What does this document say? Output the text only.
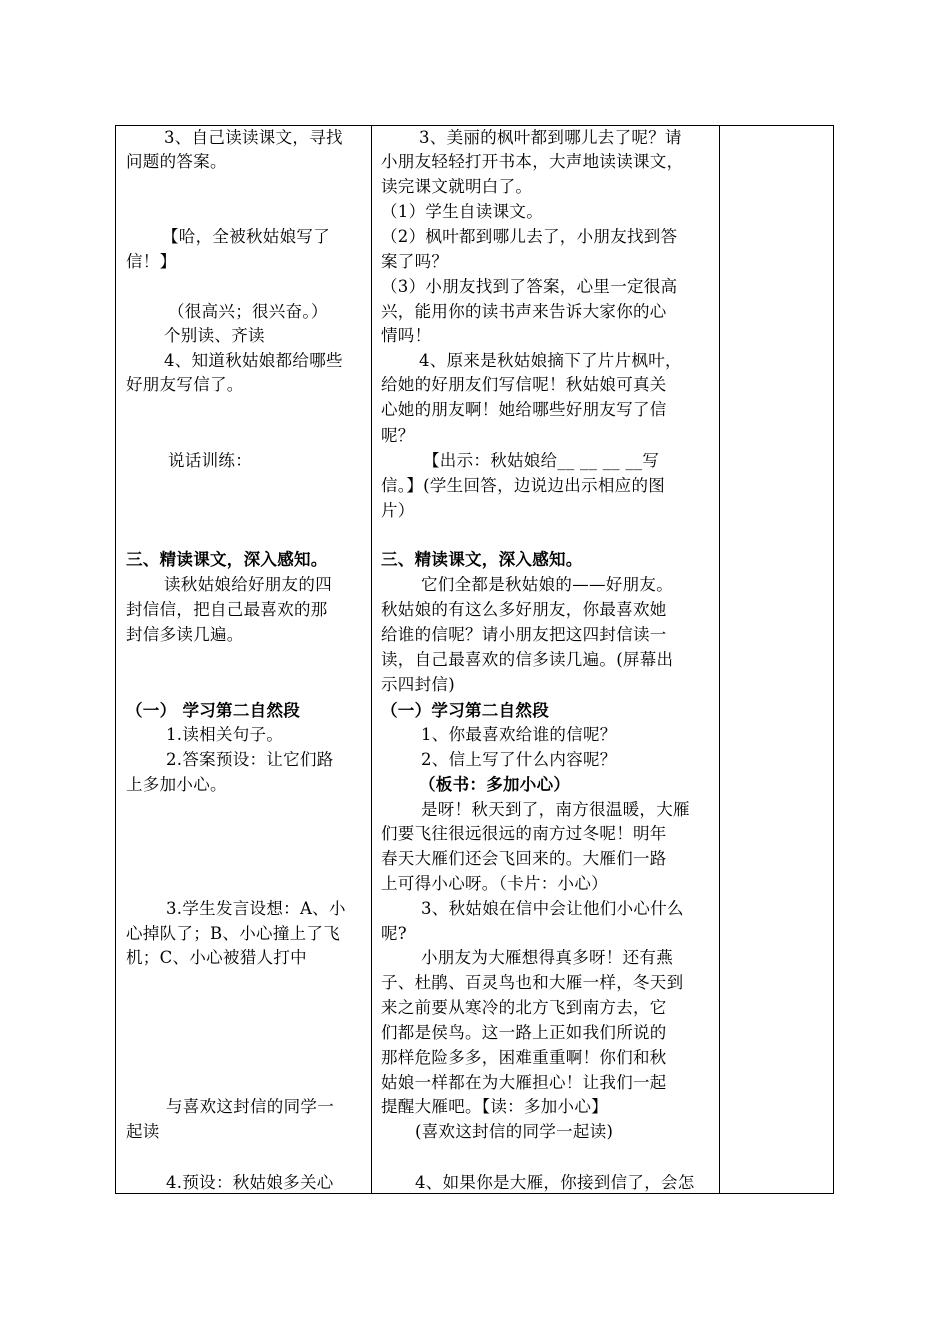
3、自己读读课文，寻找
问题的答案。
【哈，全被秋姑娘写了
信！】
（很高兴；很兴奋。）
个别读、齐读
4、知道秋姑娘都给哪些
好朋友写信了。
说话训练：
三、精读课文，深入感知。
读秋姑娘给好朋友的四
封信信，把自己最喜欢的那
封信多读几遍。
（一） 学习第二自然段
1.读相关句子。
2.答案预设：让它们路
上多加小心。
3.学生发言设想：A、小
心掉队了；B、小心撞上了飞
机；C、小心被猎人打中
与喜欢这封信的同学一
起读
4.预设：秋姑娘多关心
3、美丽的枫叶都到哪儿去了呢？请
小朋友轻轻打开书本，大声地读读课文，
读完课文就明白了。
（1）学生自读课文。
（2）枫叶都到哪儿去了，小朋友找到答
案了吗？
（3）小朋友找到了答案，心里一定很高
兴，能用你的读书声来告诉大家你的心
情吗！
4、原来是秋姑娘摘下了片片枫叶，
给她的好朋友们写信呢！秋姑娘可真关
心她的朋友啊！她给哪些好朋友写了信
呢？
【出示：秋姑娘给__ __ __ __写
信。】(学生回答，边说边出示相应的图
片）
三、精读课文，深入感知。
它们全都是秋姑娘的——好朋友。
秋姑娘的有这么多好朋友，你最喜欢她
给谁的信呢？请小朋友把这四封信读一
读，自己最喜欢的信多读几遍。(屏幕出
示四封信)
（一）学习第二自然段
1、你最喜欢给谁的信呢？
2、信上写了什么内容呢？
（板书：多加小心）
是呀！秋天到了，南方很温暖，大雁
们要飞往很远很远的南方过冬呢！明年
春天大雁们还会飞回来的。大雁们一路
上可得小心呀。（卡片：小心）
3、秋姑娘在信中会让他们小心什么
呢?
小朋友为大雁想得真多呀！还有燕
子、杜鹃、百灵鸟也和大雁一样，冬天到
来之前要从寒冷的北方飞到南方去，它
们都是侯鸟。这一路上正如我们所说的
那样危险多多，困难重重啊！你们和秋
姑娘一样都在为大雁担心！让我们一起
提醒大雁吧。【读：多加小心】
(喜欢这封信的同学一起读)
4、如果你是大雁，你接到信了，会怎
